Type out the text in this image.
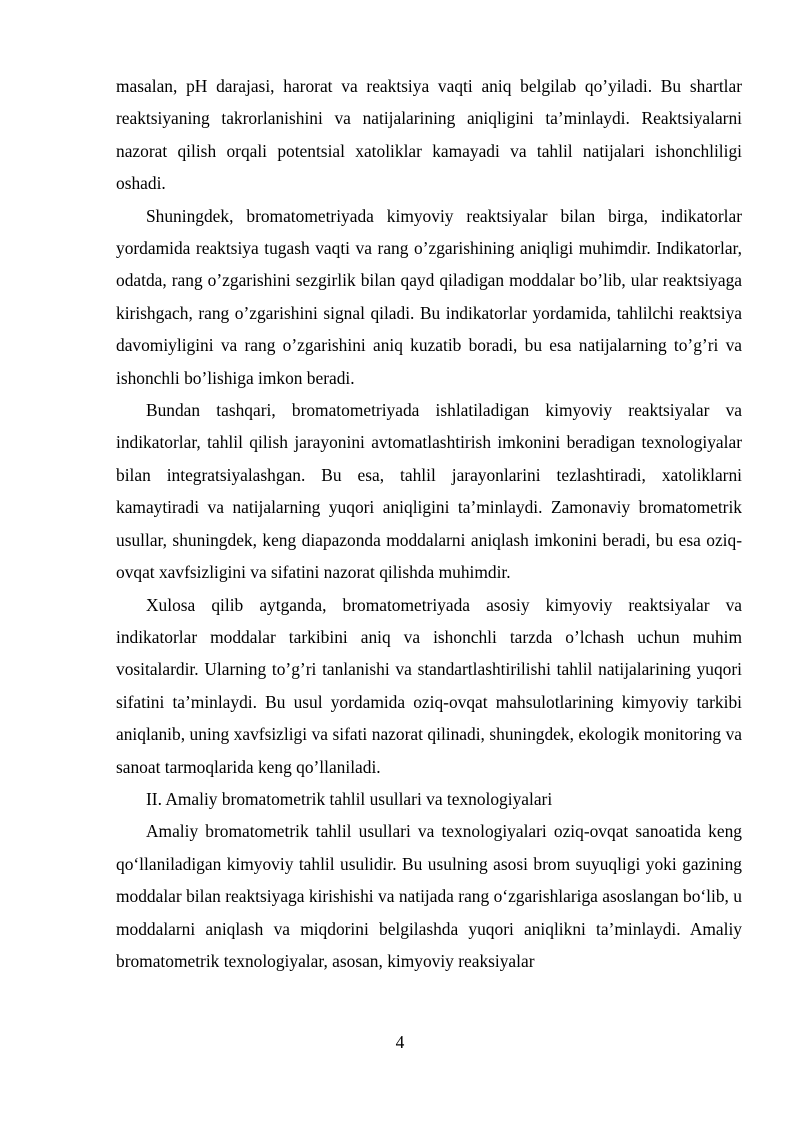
masalan, pH darajasi, harorat va reaktsiya vaqti aniq belgilab qo’yiladi. Bu shartlar reaktsiyaning takrorlanishini va natijalarining aniqligini ta’minlaydi. Reaktsiyalarni nazorat qilish orqali potentsial xatoliklar kamayadi va tahlil natijalari ishonchliligi oshadi.

Shuningdek, bromatometriyada kimyoviy reaktsiyalar bilan birga, indikatorlar yordamida reaktsiya tugash vaqti va rang o’zgarishining aniqligi muhimdir. Indikatorlar, odatda, rang o’zgarishini sezgirlik bilan qayd qiladigan moddalar bo’lib, ular reaktsiyaga kirishgach, rang o’zgarishini signal qiladi. Bu indikatorlar yordamida, tahlilchi reaktsiya davomiyligini va rang o’zgarishini aniq kuzatib boradi, bu esa natijalarning to’g’ri va ishonchli bo’lishiga imkon beradi.

Bundan tashqari, bromatometriyada ishlatiladigan kimyoviy reaktsiyalar va indikatorlar, tahlil qilish jarayonini avtomatlashtirish imkonini beradigan texnologiyalar bilan integratsiyalashgan. Bu esa, tahlil jarayonlarini tezlashtiradi, xatoliklarni kamaytiradi va natijalarning yuqori aniqligini ta’minlaydi. Zamonaviy bromatometrik usullar, shuningdek, keng diapazonda moddalarni aniqlash imkonini beradi, bu esa oziq-ovqat xavfsizligini va sifatini nazorat qilishda muhimdir.

Xulosa qilib aytganda, bromatometriyada asosiy kimyoviy reaktsiyalar va indikatorlar moddalar tarkibini aniq va ishonchli tarzda o’lchash uchun muhim vositalardir. Ularning to’g’ri tanlanishi va standartlashtirilishi tahlil natijalarining yuqori sifatini ta’minlaydi. Bu usul yordamida oziq-ovqat mahsulotlarining kimyoviy tarkibi aniqlanib, uning xavfsizligi va sifati nazorat qilinadi, shuningdek, ekologik monitoring va sanoat tarmoqlarida keng qo’llaniladi.

II. Amaliy bromatometrik tahlil usullari va texnologiyalari

Amaliy bromatometrik tahlil usullari va texnologiyalari oziq-ovqat sanoatida keng qo‘llaniladigan kimyoviy tahlil usulidir. Bu usulning asosi brom suyuqligi yoki gazining moddalar bilan reaktsiyaga kirishishi va natijada rang o‘zgarishlariga asoslangan bo‘lib, u moddalarni aniqlash va miqdorini belgilashda yuqori aniqlikni ta’minlaydi. Amaliy bromatometrik texnologiyalar, asosan, kimyoviy reaksiyalar

4
